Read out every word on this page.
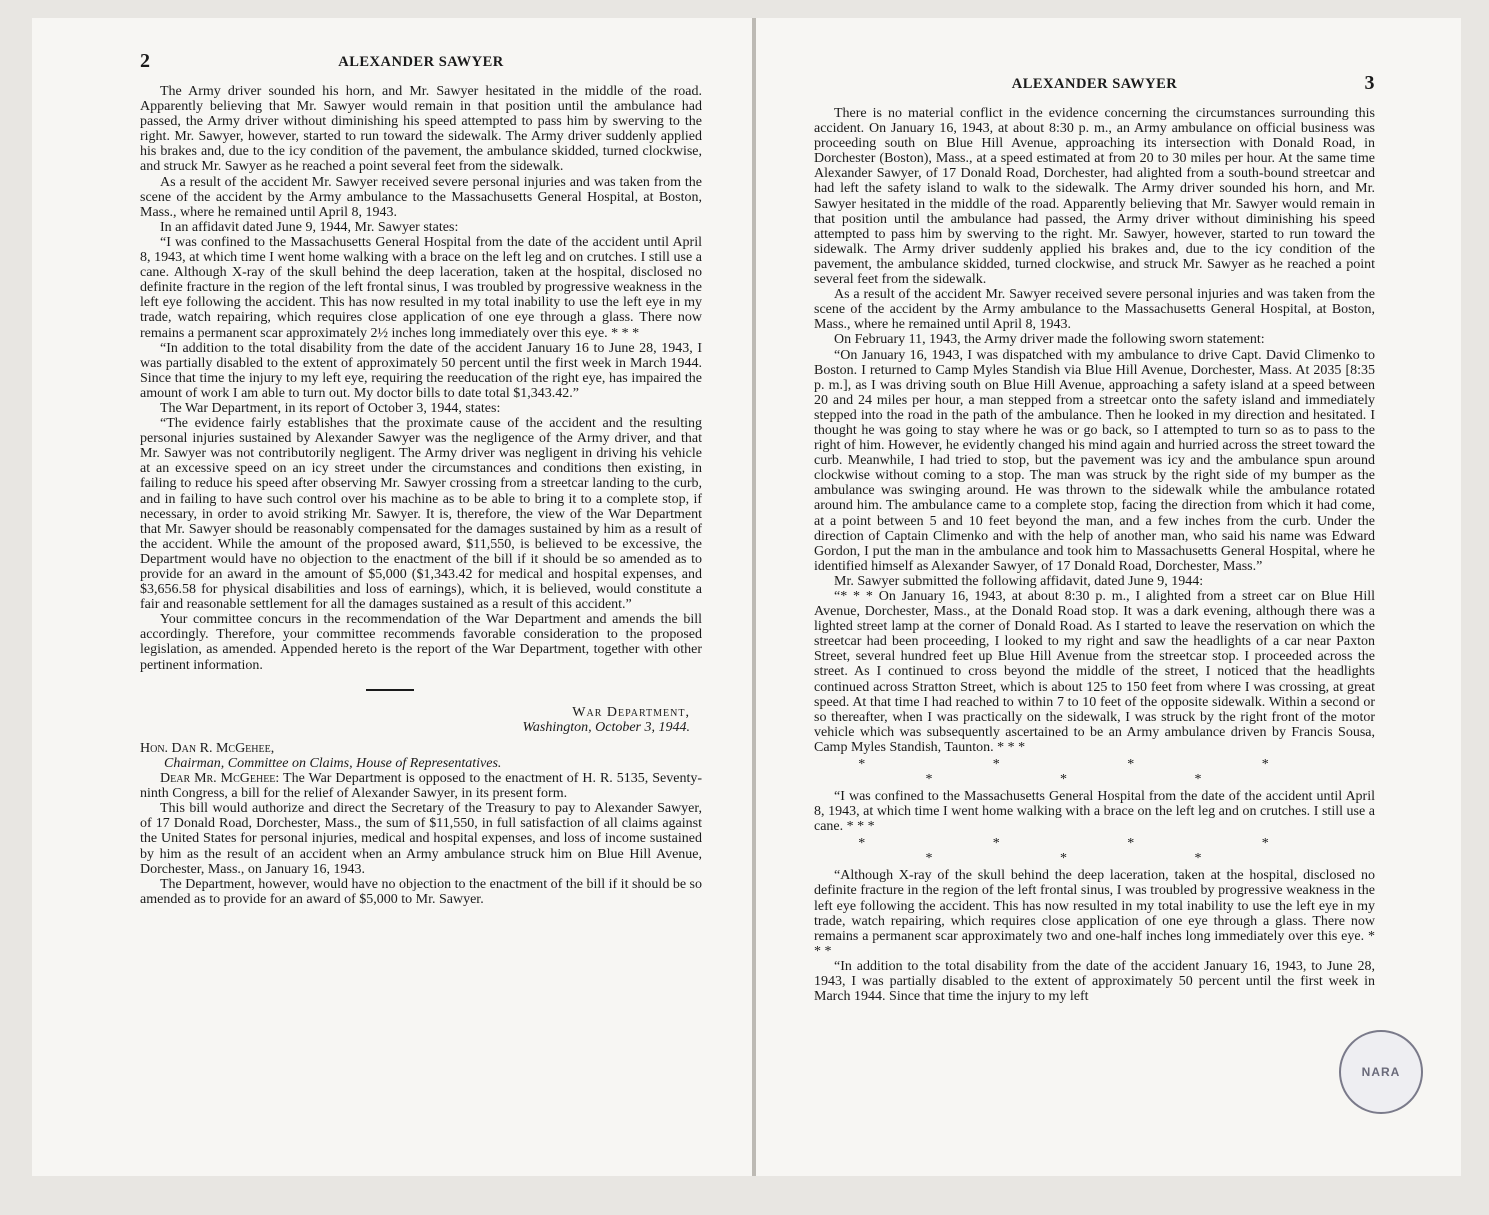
2	ALEXANDER SAWYER

The Army driver sounded his horn, and Mr. Sawyer hesitated in the middle of the road. Apparently believing that Mr. Sawyer would remain in that position until the ambulance had passed, the Army driver without diminishing his speed attempted to pass him by swerving to the right. Mr. Sawyer, however, started to run toward the sidewalk. The Army driver suddenly applied his brakes and, due to the icy condition of the pavement, the ambulance skidded, turned clockwise, and struck Mr. Sawyer as he reached a point several feet from the sidewalk.

As a result of the accident Mr. Sawyer received severe personal injuries and was taken from the scene of the accident by the Army ambulance to the Massachusetts General Hospital, at Boston, Mass., where he remained until April 8, 1943.

In an affidavit dated June 9, 1944, Mr. Sawyer states:

“I was confined to the Massachusetts General Hospital from the date of the accident until April 8, 1943, at which time I went home walking with a brace on the left leg and on crutches. I still use a cane. Although X-ray of the skull behind the deep laceration, taken at the hospital, disclosed no definite fracture in the region of the left frontal sinus, I was troubled by progressive weakness in the left eye following the accident. This has now resulted in my total inability to use the left eye in my trade, watch repairing, which requires close application of one eye through a glass. There now remains a permanent scar approximately 2½ inches long immediately over this eye. * * *

“In addition to the total disability from the date of the accident January 16 to June 28, 1943, I was partially disabled to the extent of approximately 50 percent until the first week in March 1944. Since that time the injury to my left eye, requiring the reeducation of the right eye, has impaired the amount of work I am able to turn out. My doctor bills to date total $1,343.42.”

The War Department, in its report of October 3, 1944, states:

“The evidence fairly establishes that the proximate cause of the accident and the resulting personal injuries sustained by Alexander Sawyer was the negligence of the Army driver, and that Mr. Sawyer was not contributorily negligent. The Army driver was negligent in driving his vehicle at an excessive speed on an icy street under the circumstances and conditions then existing, in failing to reduce his speed after observing Mr. Sawyer crossing from a streetcar landing to the curb, and in failing to have such control over his machine as to be able to bring it to a complete stop, if necessary, in order to avoid striking Mr. Sawyer. It is, therefore, the view of the War Department that Mr. Sawyer should be reasonably compensated for the damages sustained by him as a result of the accident. While the amount of the proposed award, $11,550, is believed to be excessive, the Department would have no objection to the enactment of the bill if it should be so amended as to provide for an award in the amount of $5,000 ($1,343.42 for medical and hospital expenses, and $3,656.58 for physical disabilities and loss of earnings), which, it is believed, would constitute a fair and reasonable settlement for all the damages sustained as a result of this accident.”

Your committee concurs in the recommendation of the War Department and amends the bill accordingly. Therefore, your committee recommends favorable consideration to the proposed legislation, as amended. Appended hereto is the report of the War Department, together with other pertinent information.

War Department,
Washington, October 3, 1944.
Hon. Dan R. McGehee,
Chairman, Committee on Claims, House of Representatives.

Dear Mr. McGehee: The War Department is opposed to the enactment of H. R. 5135, Seventy-ninth Congress, a bill for the relief of Alexander Sawyer, in its present form.

This bill would authorize and direct the Secretary of the Treasury to pay to Alexander Sawyer, of 17 Donald Road, Dorchester, Mass., the sum of $11,550, in full satisfaction of all claims against the United States for personal injuries, medical and hospital expenses, and loss of income sustained by him as the result of an accident when an Army ambulance struck him on Blue Hill Avenue, Dorchester, Mass., on January 16, 1943.

The Department, however, would have no objection to the enactment of the bill if it should be so amended as to provide for an award of $5,000 to Mr. Sawyer.

ALEXANDER SAWYER	3

There is no material conflict in the evidence concerning the circumstances surrounding this accident. On January 16, 1943, at about 8:30 p. m., an Army ambulance on official business was proceeding south on Blue Hill Avenue, approaching its intersection with Donald Road, in Dorchester (Boston), Mass., at a speed estimated at from 20 to 30 miles per hour. At the same time Alexander Sawyer, of 17 Donald Road, Dorchester, had alighted from a south-bound streetcar and had left the safety island to walk to the sidewalk. The Army driver sounded his horn, and Mr. Sawyer hesitated in the middle of the road. Apparently believing that Mr. Sawyer would remain in that position until the ambulance had passed, the Army driver without diminishing his speed attempted to pass him by swerving to the right. Mr. Sawyer, however, started to run toward the sidewalk. The Army driver suddenly applied his brakes and, due to the icy condition of the pavement, the ambulance skidded, turned clockwise, and struck Mr. Sawyer as he reached a point several feet from the sidewalk.

As a result of the accident Mr. Sawyer received severe personal injuries and was taken from the scene of the accident by the Army ambulance to the Massachusetts General Hospital, at Boston, Mass., where he remained until April 8, 1943.

On February 11, 1943, the Army driver made the following sworn statement:

“On January 16, 1943, I was dispatched with my ambulance to drive Capt. David Climenko to Boston. I returned to Camp Myles Standish via Blue Hill Avenue, Dorchester, Mass. At 2035 [8:35 p. m.], as I was driving south on Blue Hill Avenue, approaching a safety island at a speed between 20 and 24 miles per hour, a man stepped from a streetcar onto the safety island and immediately stepped into the road in the path of the ambulance. Then he looked in my direction and hesitated. I thought he was going to stay where he was or go back, so I attempted to turn so as to pass to the right of him. However, he evidently changed his mind again and hurried across the street toward the curb. Meanwhile, I had tried to stop, but the pavement was icy and the ambulance spun around clockwise without coming to a stop. The man was struck by the right side of my bumper as the ambulance was swinging around. He was thrown to the sidewalk while the ambulance rotated around him. The ambulance came to a complete stop, facing the direction from which it had come, at a point between 5 and 10 feet beyond the man, and a few inches from the curb. Under the direction of Captain Climenko and with the help of another man, who said his name was Edward Gordon, I put the man in the ambulance and took him to Massachusetts General Hospital, where he identified himself as Alexander Sawyer, of 17 Donald Road, Dorchester, Mass.”

Mr. Sawyer submitted the following affidavit, dated June 9, 1944:

“* * * On January 16, 1943, at about 8:30 p. m., I alighted from a street car on Blue Hill Avenue, Dorchester, Mass., at the Donald Road stop. It was a dark evening, although there was a lighted street lamp at the corner of Donald Road. As I started to leave the reservation on which the streetcar had been proceeding, I looked to my right and saw the headlights of a car near Paxton Street, several hundred feet up Blue Hill Avenue from the streetcar stop. I proceeded across the street. As I continued to cross beyond the middle of the street, I noticed that the headlights continued across Stratton Street, which is about 125 to 150 feet from where I was crossing, at great speed. At that time I had reached to within 7 to 10 feet of the opposite sidewalk. Within a second or so thereafter, when I was practically on the sidewalk, I was struck by the right front of the motor vehicle which was subsequently ascertained to be an Army ambulance driven by Francis Sousa, Camp Myles Standish, Taunton. * * *

* * * * * * *

“I was confined to the Massachusetts General Hospital from the date of the accident until April 8, 1943, at which time I went home walking with a brace on the left leg and on crutches. I still use a cane. * * *

* * * * * * *

“Although X-ray of the skull behind the deep laceration, taken at the hospital, disclosed no definite fracture in the region of the left frontal sinus, I was troubled by progressive weakness in the left eye following the accident. This has now resulted in my total inability to use the left eye in my trade, watch repairing, which requires close application of one eye through a glass. There now remains a permanent scar approximately two and one-half inches long immediately over this eye. * * *

“In addition to the total disability from the date of the accident January 16, 1943, to June 28, 1943, I was partially disabled to the extent of approximately 50 percent until the first week in March 1944. Since that time the injury to my left

NARA
